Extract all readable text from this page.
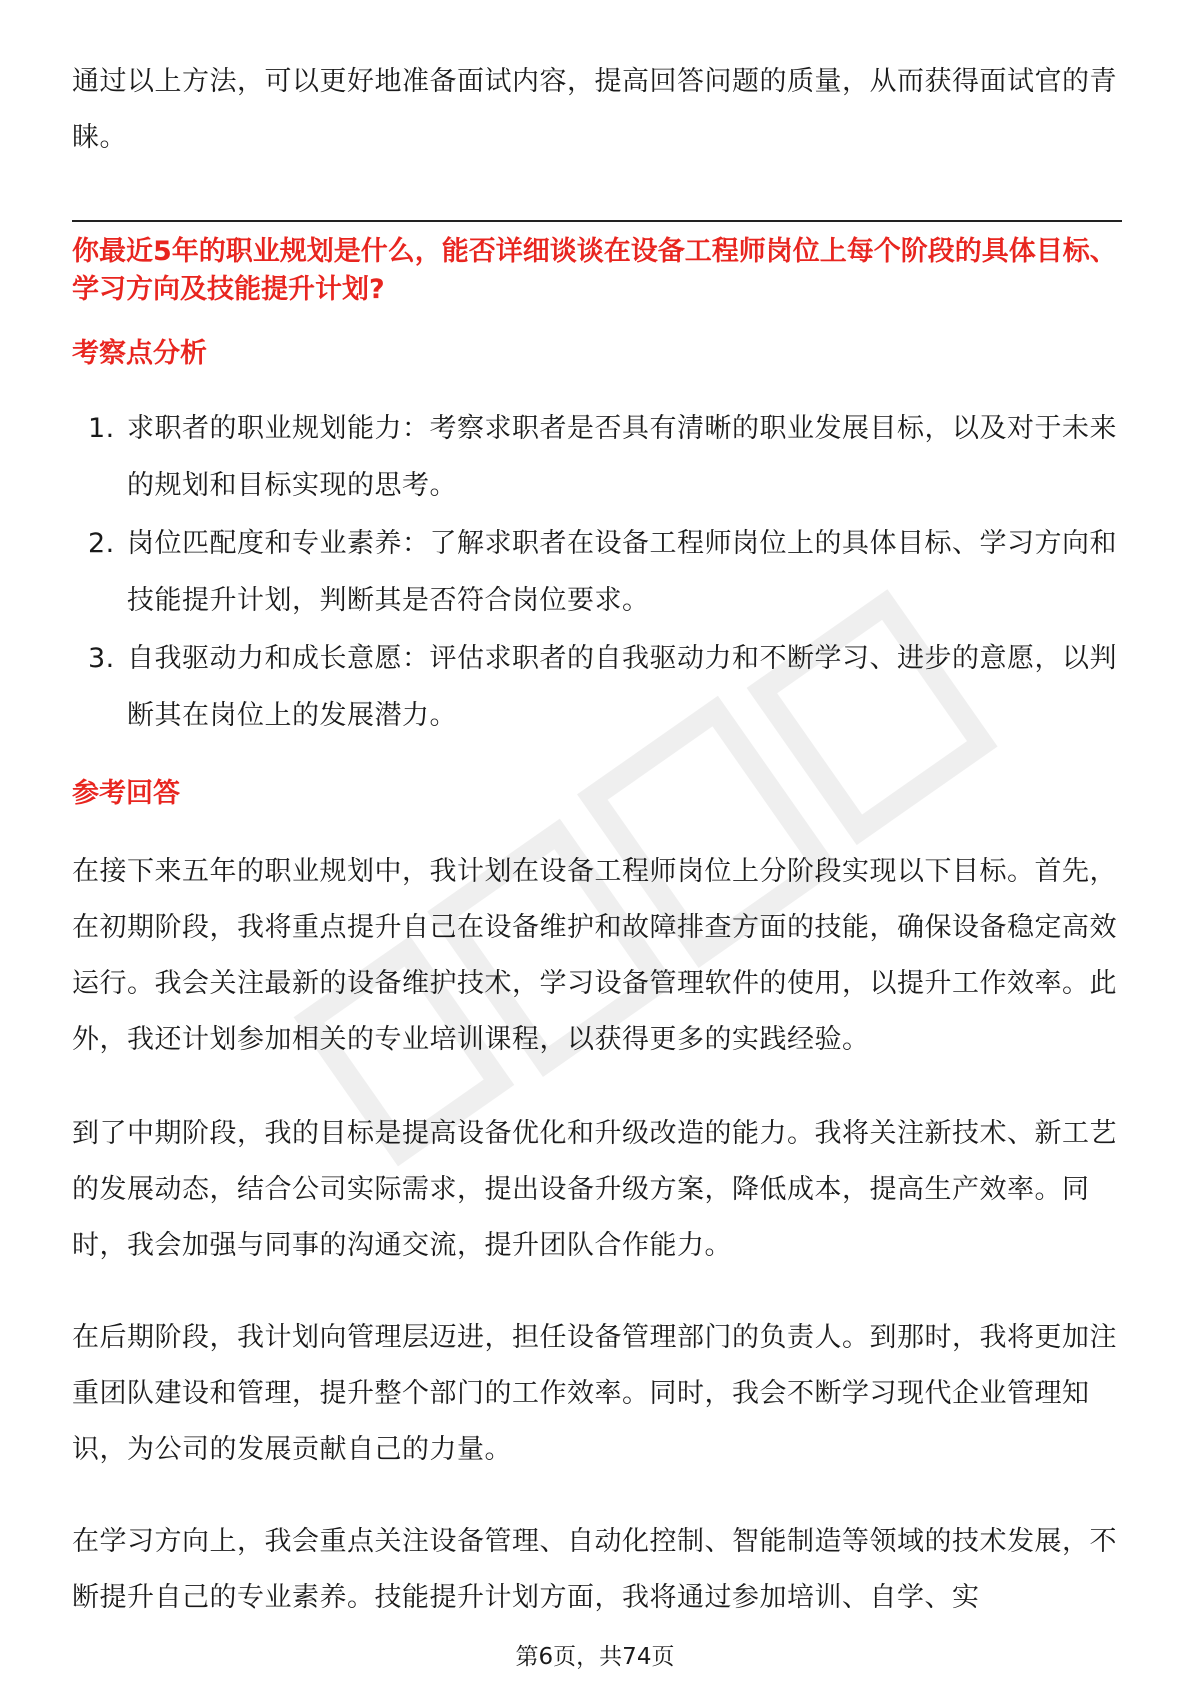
通过以上方法，可以更好地准备面试内容，提高回答问题的质量，从而获得面试官的青睐。

你最近5年的职业规划是什么，能否详细谈谈在设备工程师岗位上每个阶段的具体目标、学习方向及技能提升计划?

考察点分析

1. 求职者的职业规划能力：考察求职者是否具有清晰的职业发展目标，以及对于未来的规划和目标实现的思考。
2. 岗位匹配度和专业素养：了解求职者在设备工程师岗位上的具体目标、学习方向和技能提升计划，判断其是否符合岗位要求。
3. 自我驱动力和成长意愿：评估求职者的自我驱动力和不断学习、进步的意愿，以判断其在岗位上的发展潜力。

参考回答

在接下来五年的职业规划中，我计划在设备工程师岗位上分阶段实现以下目标。首先，在初期阶段，我将重点提升自己在设备维护和故障排查方面的技能，确保设备稳定高效运行。我会关注最新的设备维护技术，学习设备管理软件的使用，以提升工作效率。此外，我还计划参加相关的专业培训课程，以获得更多的实践经验。

到了中期阶段，我的目标是提高设备优化和升级改造的能力。我将关注新技术、新工艺的发展动态，结合公司实际需求，提出设备升级方案，降低成本，提高生产效率。同时，我会加强与同事的沟通交流，提升团队合作能力。

在后期阶段，我计划向管理层迈进，担任设备管理部门的负责人。到那时，我将更加注重团队建设和管理，提升整个部门的工作效率。同时，我会不断学习现代企业管理知识，为公司的发展贡献自己的力量。

在学习方向上，我会重点关注设备管理、自动化控制、智能制造等领域的技术发展，不断提升自己的专业素养。技能提升计划方面，我将通过参加培训、自学、实

第6页，共74页
